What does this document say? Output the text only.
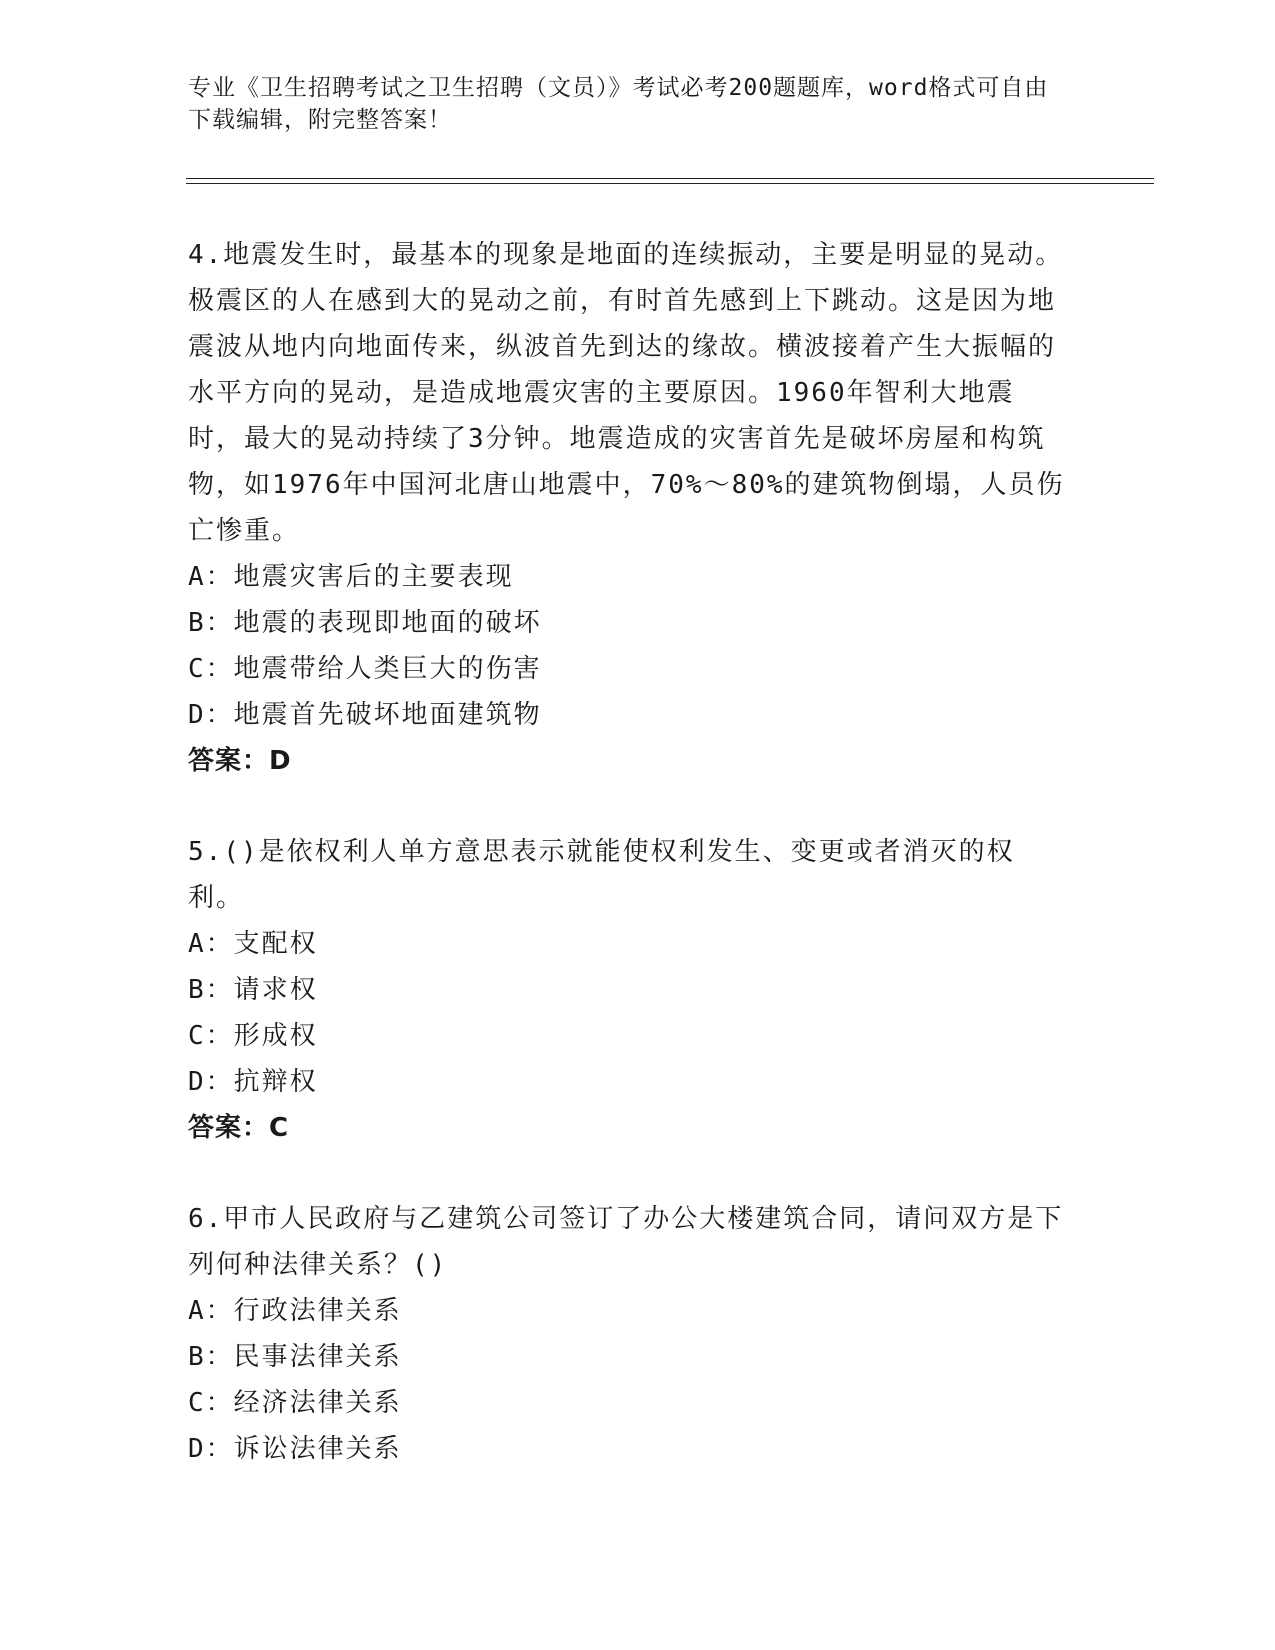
专业《卫生招聘考试之卫生招聘（文员）》考试必考200题题库，word格式可自由下载编辑，附完整答案！

4.地震发生时，最基本的现象是地面的连续振动，主要是明显的晃动。极震区的人在感到大的晃动之前，有时首先感到上下跳动。这是因为地震波从地内向地面传来，纵波首先到达的缘故。横波接着产生大振幅的水平方向的晃动，是造成地震灾害的主要原因。1960年智利大地震时，最大的晃动持续了3分钟。地震造成的灾害首先是破坏房屋和构筑物，如1976年中国河北唐山地震中，70%～80%的建筑物倒塌，人员伤亡惨重。

A：地震灾害后的主要表现

B：地震的表现即地面的破坏

C：地震带给人类巨大的伤害

D：地震首先破坏地面建筑物

答案：D

5.()是依权利人单方意思表示就能使权利发生、变更或者消灭的权利。

A：支配权

B：请求权

C：形成权

D：抗辩权

答案：C

6.甲市人民政府与乙建筑公司签订了办公大楼建筑合同，请问双方是下列何种法律关系？()

A：行政法律关系

B：民事法律关系

C：经济法律关系

D：诉讼法律关系
